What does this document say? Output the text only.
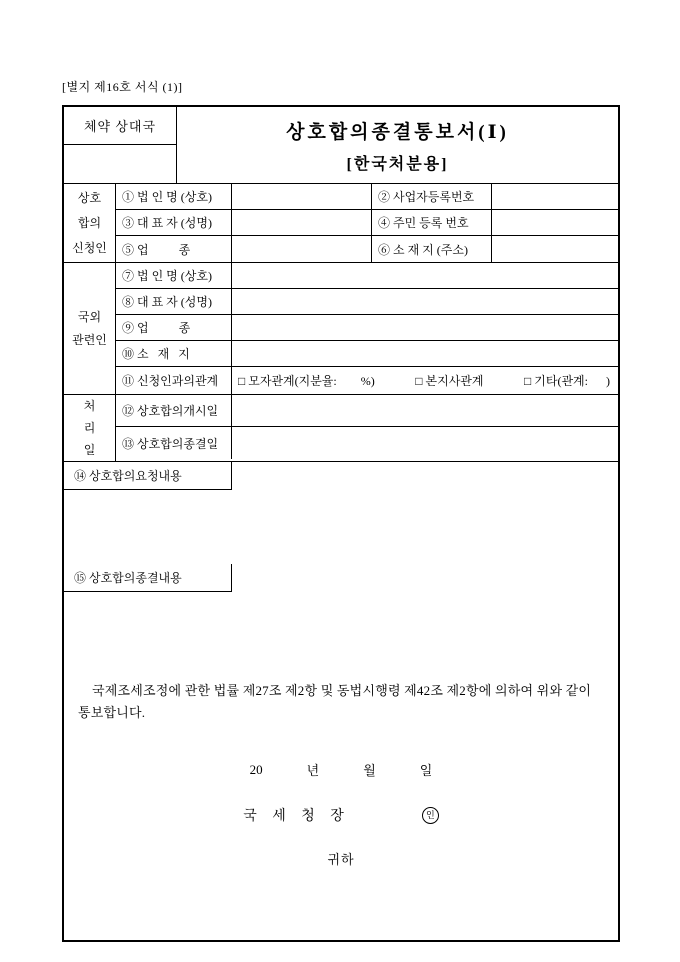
[별지 제16호 서식 (1)]
체약 상대국	상호합의종결통보서(Ⅰ)
[한국처분용]
상호
합의
신청인
① 법 인 명 (상호)	② 사업자등록번호
③ 대 표 자 (성명)	④ 주민 등록 번호
⑤ 업          종	⑥ 소 재 지 (주소)
국외
관련인
⑦ 법 인 명 (상호)
⑧ 대 표 자 (성명)
⑨ 업          종
⑩ 소   재   지
⑪ 신청인과의관계	□ 모자관계(지분율:        %)	□ 본지사관계	□ 기타(관계:      )
처
리
일
⑫ 상호합의개시일
⑬ 상호합의종결일
⑭ 상호합의요청내용
⑮ 상호합의종결내용
국제조세조정에 관한 법률 제27조 제2항 및 동법시행령 제42조 제2항에 의하여 위와 같이 통보합니다.
20	년	월	일
국 세 청 장	인
귀하
